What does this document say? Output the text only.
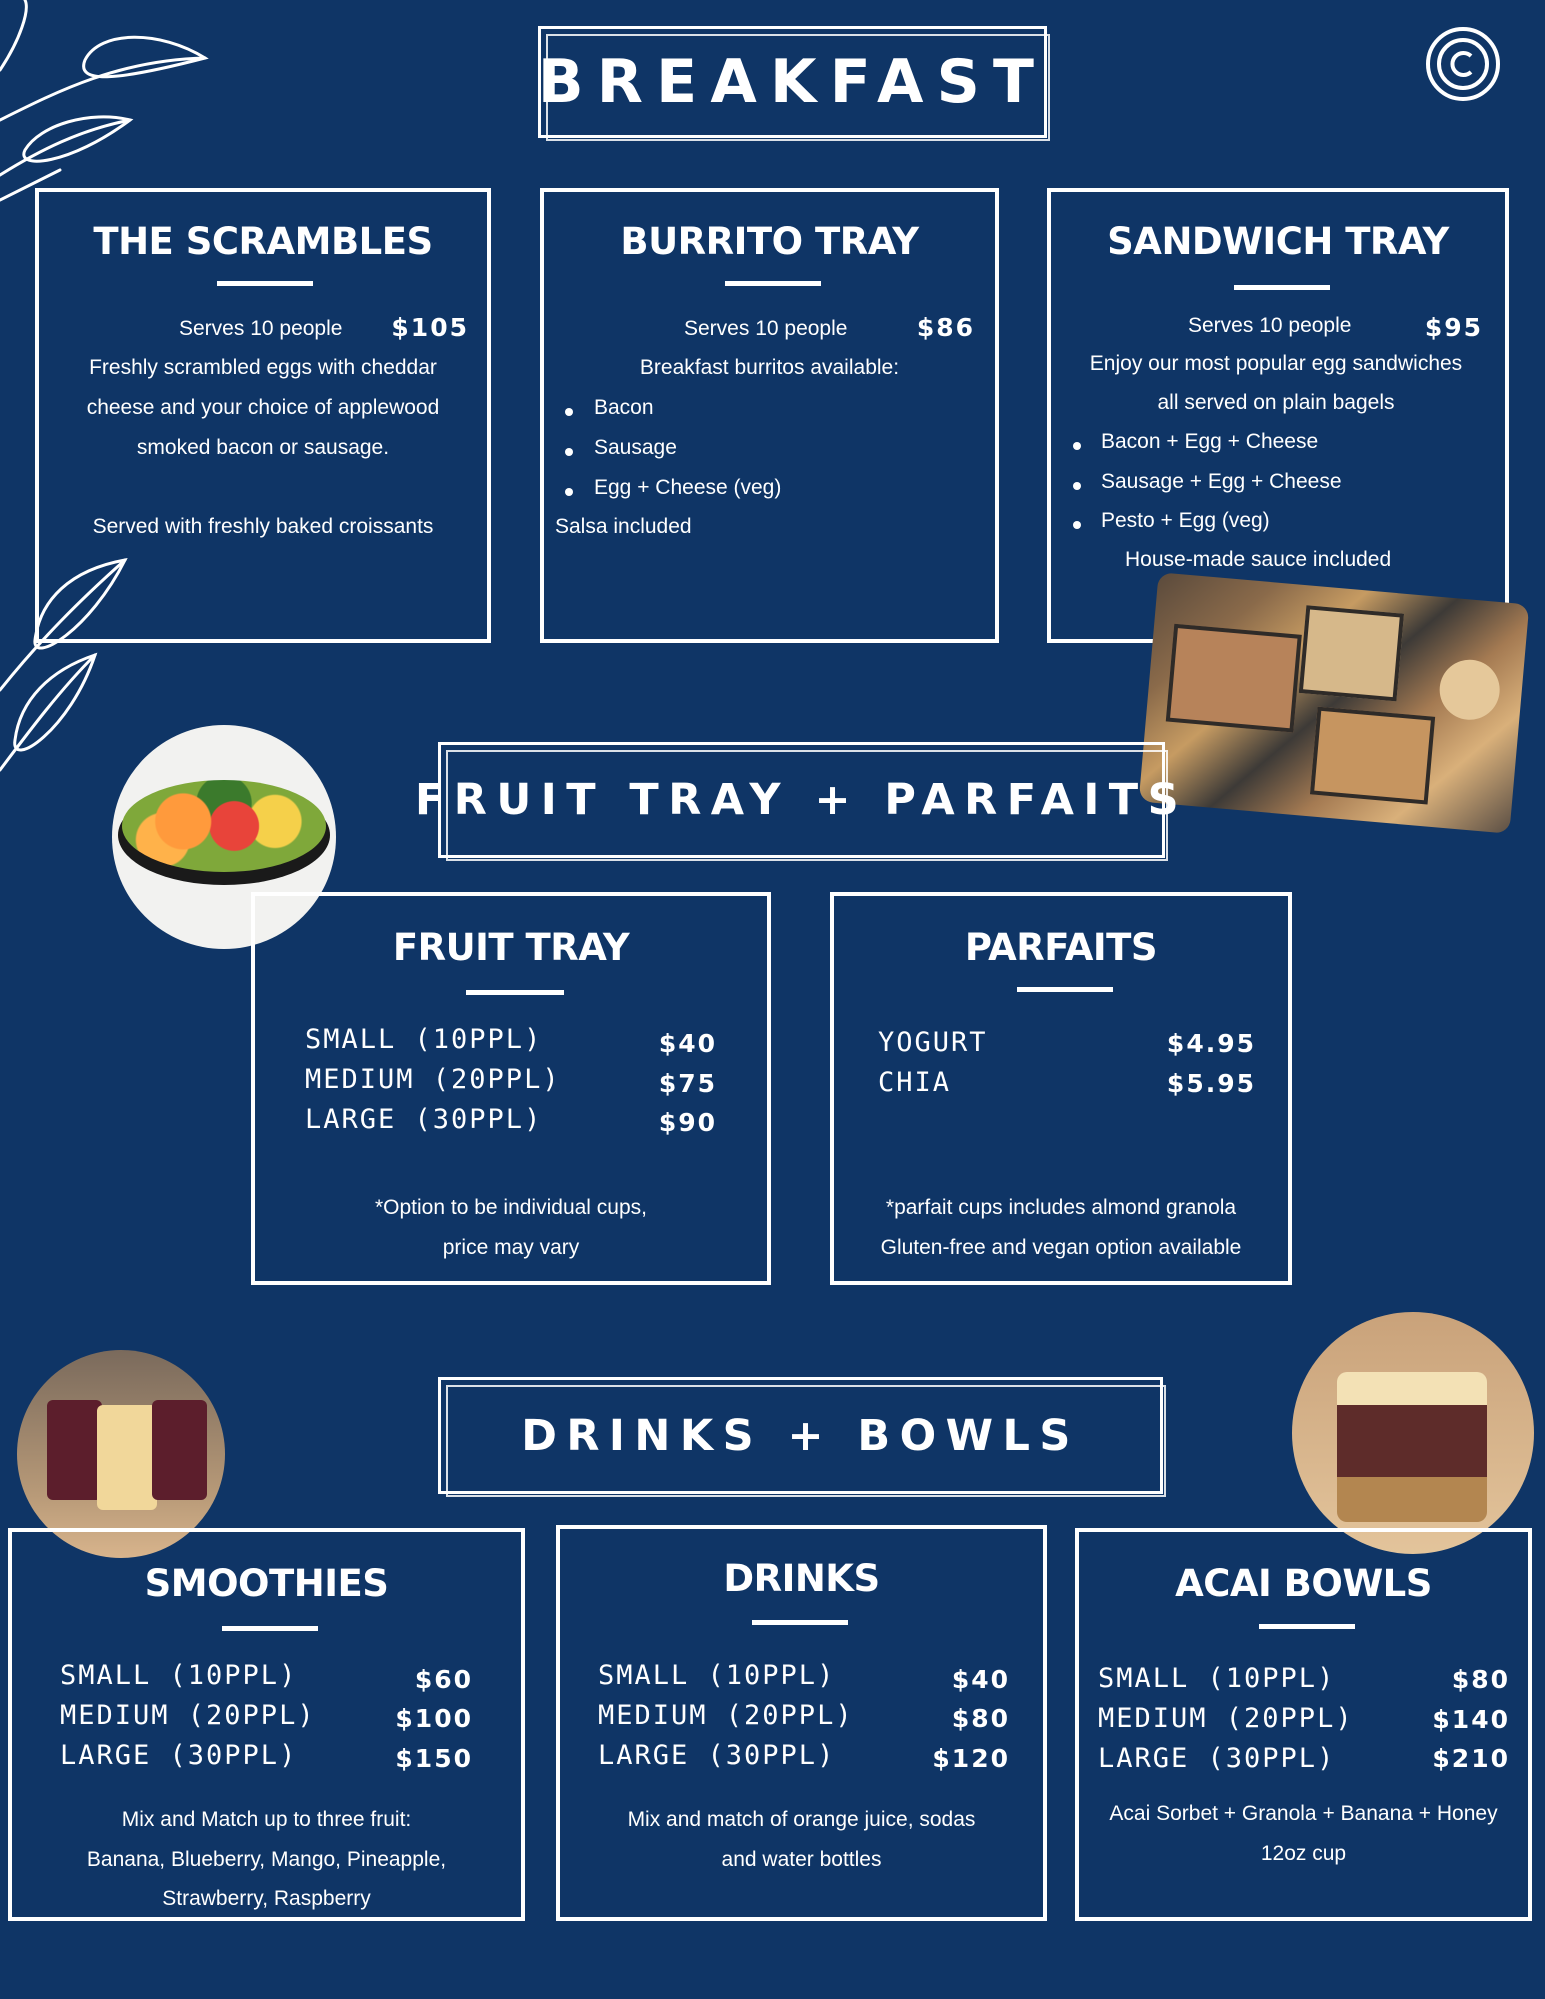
BREAKFAST
THE SCRAMBLES
Serves 10 people $105
Freshly scrambled eggs with cheddar
cheese and your choice of applewood
smoked bacon or sausage.
Served with freshly baked croissants
BURRITO TRAY
Serves 10 people	$86
Breakfast burritos available:
Bacon
Sausage
Egg + Cheese (veg)
Salsa included
SANDWICH TRAY
Serves 10 people	$95
Enjoy our most popular egg sandwiches
all served on plain bagels
Bacon + Egg + Cheese
Sausage + Egg + Cheese
Pesto + Egg (veg)
House-made sauce included
FRUIT TRAY + PARFAITS
FRUIT TRAY
SMALL (10PPL)	$40
MEDIUM (20PPL)	$75
LARGE (30PPL)	$90
*Option to be individual cups,
price may vary
PARFAITS
YOGURT	$4.95
CHIA	$5.95
*parfait cups includes almond granola
Gluten-free and vegan option available
DRINKS + BOWLS
SMOOTHIES
SMALL (10PPL)	$60
MEDIUM (20PPL)	$100
LARGE (30PPL)	$150
Mix and Match up to three fruit:
Banana, Blueberry, Mango, Pineapple,
Strawberry, Raspberry
DRINKS
SMALL (10PPL)	$40
MEDIUM (20PPL)	$80
LARGE (30PPL)	$120
Mix and match of orange juice, sodas
and water bottles
ACAI BOWLS
SMALL (10PPL)	$80
MEDIUM (20PPL)	$140
LARGE (30PPL)	$210
Acai Sorbet + Granola + Banana + Honey
12oz cup
